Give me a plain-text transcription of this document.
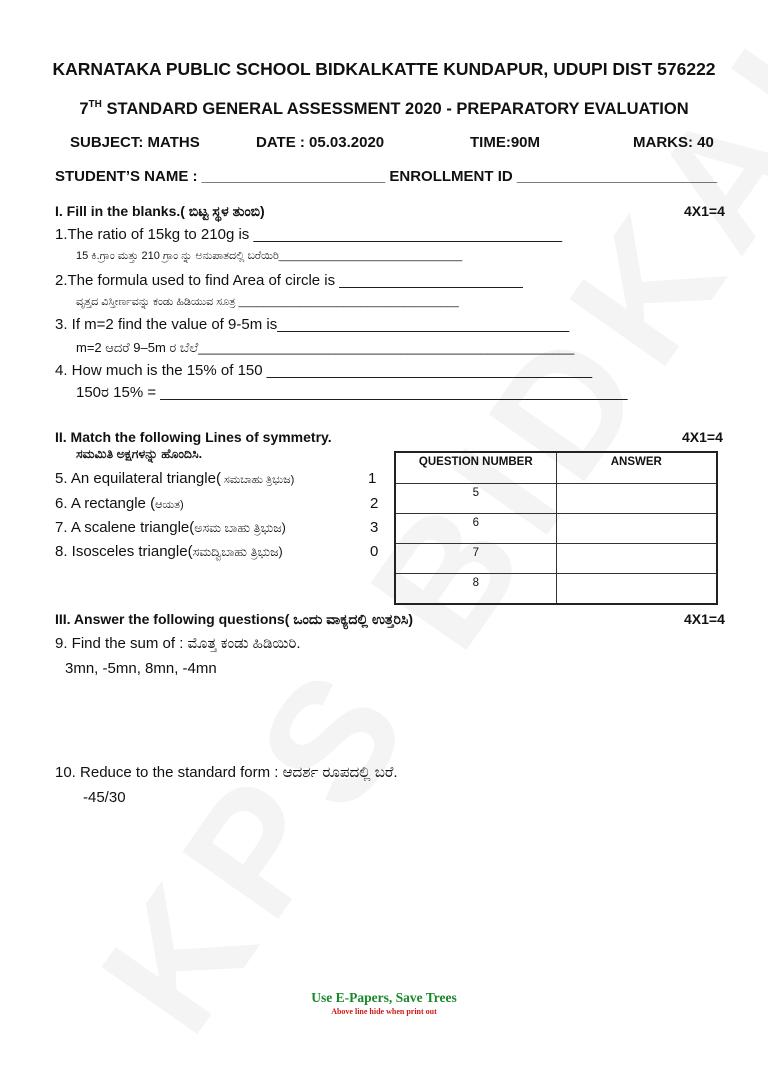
KARNATAKA PUBLIC SCHOOL BIDKALKATTE KUNDAPUR, UDUPI DIST 576222
7TH STANDARD GENERAL ASSESSMENT 2020 - PREPARATORY EVALUATION
SUBJECT: MATHS	DATE : 05.03.2020	TIME:90M	MARKS: 40
STUDENT’S NAME : ______________________ ENROLLMENT ID ________________________
I. Fill in the blanks.( ಬಿಟ್ಟ ಸ್ಥಳ ತುಂಬಿ)	4X1=4
1.The ratio of 15kg to 210g is _____________________________________
15 ಕಿ.ಗ್ರಾಂ ಮತ್ತು 210 ಗ್ರಾಂ ನ್ನು ಅನುಪಾತದಲ್ಲಿ ಬರೆಯಿರಿ______________________________
2.The formula used to find Area of circle is ______________________
ವೃತ್ತದ ವಿಸ್ತೀರ್ಣವನ್ನು ಕಂಡು ಹಿಡಿಯುವ ಸೂತ್ರ ____________________________________
3. If m=2 find the value of 9-5m is___________________________________
m=2 ಆದರೆ 9–5m ರ ಬೆಲೆ____________________________________________________
4. How much is the 15% of 150 _______________________________________
150ರ 15% = ________________________________________________________
II. Match the following Lines of symmetry.
ಸಮಮಿತಿ ಅಕ್ಷಗಳನ್ನು ಹೊಂದಿಸಿ.
4X1=4
5. An equilateral triangle( ಸಮಬಾಹು ತ್ರಿಭುಜ)	1
6. A rectangle (ಆಯತ)	2
7. A scalene triangle(ಅಸಮ ಬಾಹು ತ್ರಿಭುಜ)	3
8. Isosceles triangle(ಸಮದ್ವಿಬಾಹು ತ್ರಿಭುಜ)	0
QUESTION NUMBER	ANSWER
5	
6	
7	
8	
III. Answer the following questions( ಒಂದು ವಾಕ್ಯದಲ್ಲಿ ಉತ್ತರಿಸಿ)	4X1=4
9. Find the sum of : ಮೊತ್ತ ಕಂಡು ಹಿಡಿಯಿರಿ.
3mn, -5mn, 8mn, -4mn
10. Reduce to the standard form : ಆದರ್ಶ ರೂಪದಲ್ಲಿ ಬರೆ.
-45/30
Use E-Papers, Save Trees
Above line hide when print out
